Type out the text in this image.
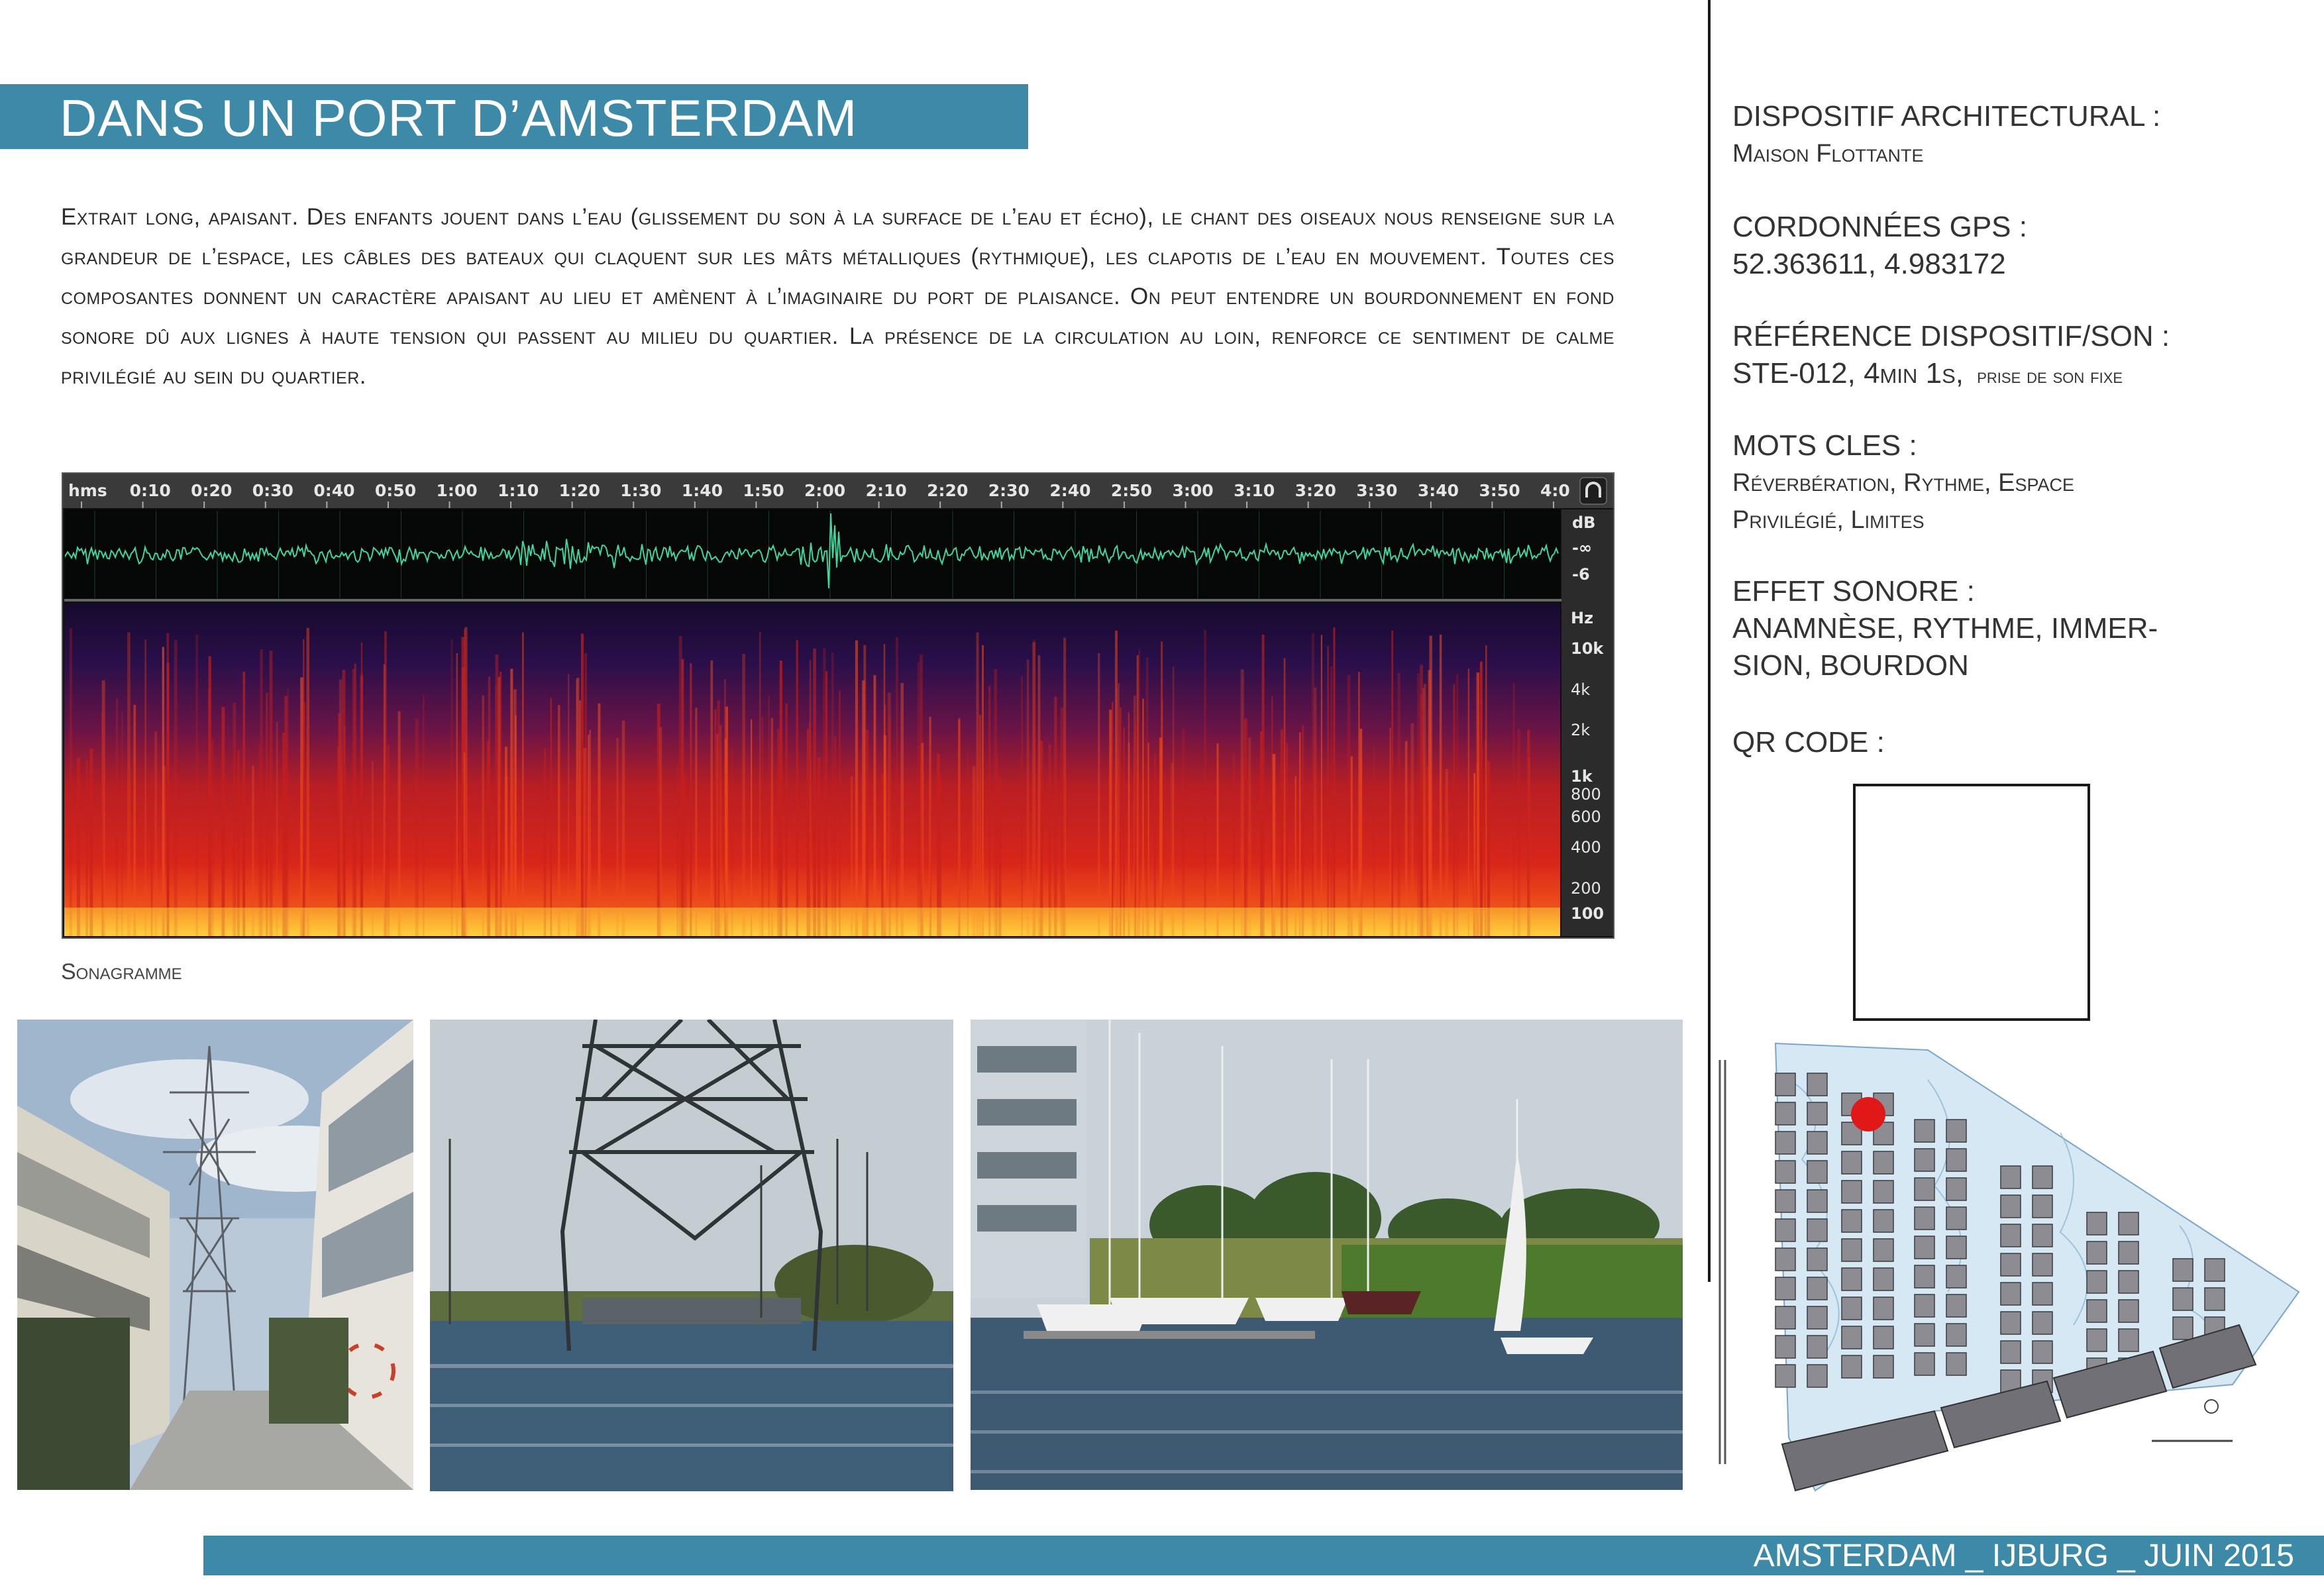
DANS UN PORT D’AMSTERDAM
Extrait long, apaisant. Des enfants jouent dans l’eau (glissement du son à la surface de l’eau et écho), le chant des oiseaux nous renseigne sur la grandeur de l’espace, les câbles des bateaux qui claquent sur les mâts métalliques (rythmique), les clapotis de l’eau en mouvement. Toutes ces composantes donnent un caractère apaisant au lieu et amènent à l’imaginaire du port de plaisance. On peut entendre un bourdonnement en fond sonore dû aux lignes à haute tension qui passent au milieu du quartier. La présence de la circulation au loin, renforce ce sentiment de calme privilégié au sein du quartier.
hms 0:10 0:20 0:30 0:40 0:50 1:00 1:10 1:20 1:30 1:40 1:50 2:00 2:10 2:20 2:30 2:40 2:50 3:00 3:10 3:20 3:30 3:40 3:50 4:0
dB
-∞
-6
Hz
10k
4k
2k
1k
800
600
400
200
100
Sonagramme
DISPOSITIF ARCHITECTURAL :
Maison Flottante
CORDONNÉES GPS :
52.363611, 4.983172
RÉFÉRENCE DISPOSITIF/SON :
STE-012, 4min 1s, prise de son fixe
MOTS CLES :
Réverbération, Rythme, Espace
Privilégié, Limites
EFFET SONORE :
ANAMNÈSE, RYTHME, IMMER-
SION, BOURDON
QR CODE :
AMSTERDAM _ IJBURG _ JUIN 2015
